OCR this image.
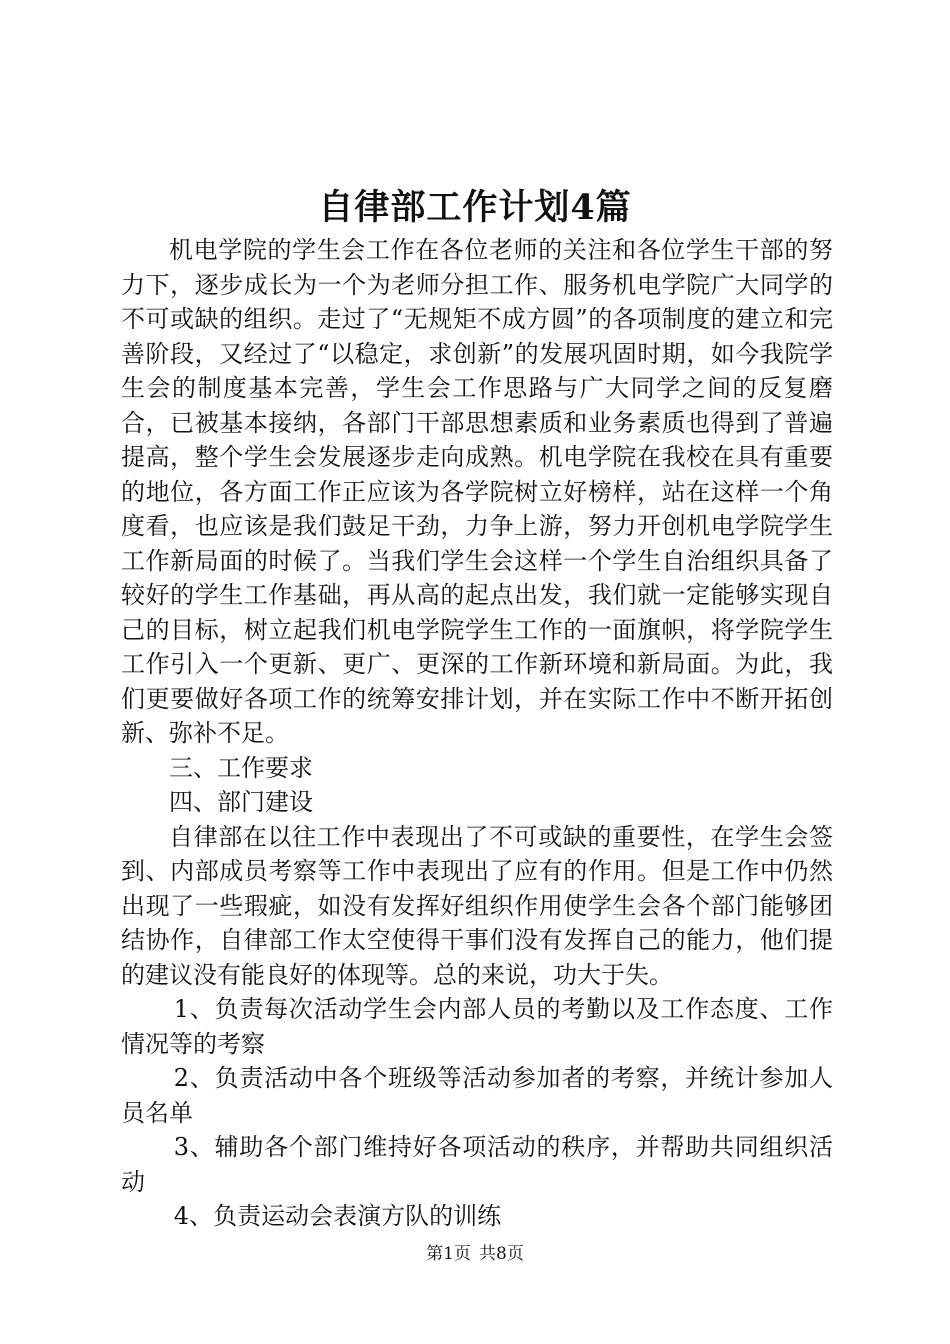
自律部工作计划4篇

机电学院的学生会工作在各位老师的关注和各位学生干部的努力下，逐步成长为一个为老师分担工作、服务机电学院广大同学的不可或缺的组织。走过了“无规矩不成方圆”的各项制度的建立和完善阶段，又经过了“以稳定，求创新”的发展巩固时期，如今我院学生会的制度基本完善，学生会工作思路与广大同学之间的反复磨合，已被基本接纳，各部门干部思想素质和业务素质也得到了普遍提高，整个学生会发展逐步走向成熟。机电学院在我校在具有重要的地位，各方面工作正应该为各学院树立好榜样，站在这样一个角度看，也应该是我们鼓足干劲，力争上游，努力开创机电学院学生工作新局面的时候了。当我们学生会这样一个学生自治组织具备了较好的学生工作基础，再从高的起点出发，我们就一定能够实现自己的目标，树立起我们机电学院学生工作的一面旗帜，将学院学生工作引入一个更新、更广、更深的工作新环境和新局面。为此，我们更要做好各项工作的统筹安排计划，并在实际工作中不断开拓创新、弥补不足。

三、工作要求

四、部门建设

自律部在以往工作中表现出了不可或缺的重要性，在学生会签到、内部成员考察等工作中表现出了应有的作用。但是工作中仍然出现了一些瑕疵，如没有发挥好组织作用使学生会各个部门能够团结协作，自律部工作太空使得干事们没有发挥自己的能力，他们提的建议没有能良好的体现等。总的来说，功大于失。

1、负责每次活动学生会内部人员的考勤以及工作态度、工作情况等的考察

2、负责活动中各个班级等活动参加者的考察，并统计参加人员名单

3、辅助各个部门维持好各项活动的秩序，并帮助共同组织活动

4、负责运动会表演方队的训练

第1页 共8页
